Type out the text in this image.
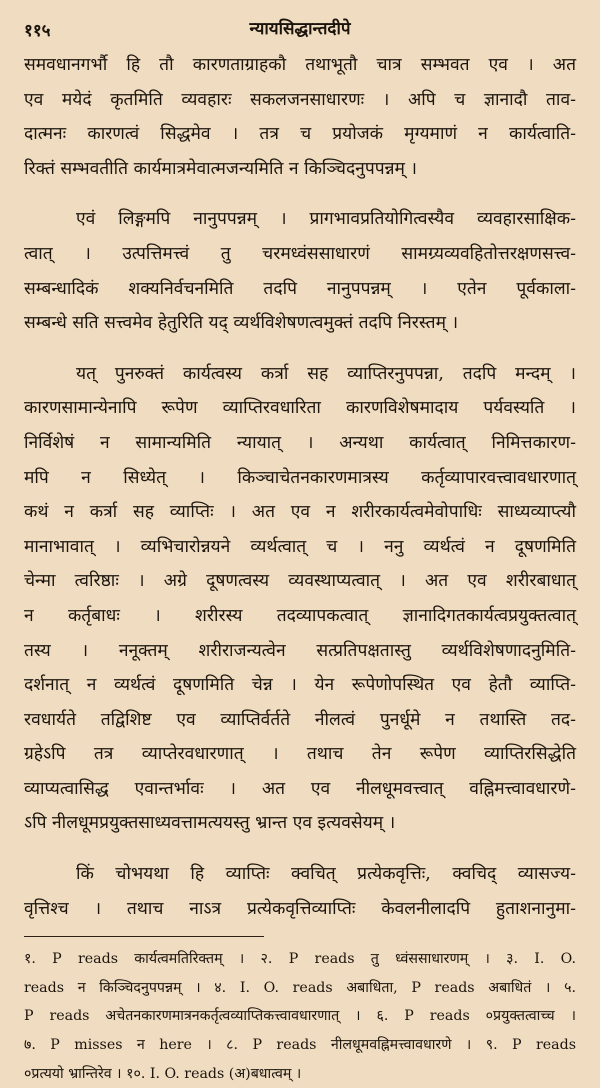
११५	न्यायसिद्धान्तदीपे
समवधानगर्भौ हि तौ कारणताग्राहकौ तथाभूतौ चात्र सम्भवत एव । अत
एव मयेदं कृतमिति व्यवहारः सकलजनसाधारणः । अपि च ज्ञानादौ ताव-
दात्मनः कारणत्वं सिद्धमेव । तत्र च प्रयोजकं मृग्यमाणं न कार्यत्वाति-
रिक्तं सम्भवतीति कार्यमात्रमेवात्मजन्यमिति न किञ्चिदनुपपन्नम् ।
एवं लिङ्गमपि नानुपपन्नम् । प्रागभावप्रतियोगित्वस्यैव व्यवहारसाक्षिक-
त्वात् । उत्पत्तिमत्त्वं तु चरमध्वंससाधारणं सामग्र्यव्यवहितोत्तरक्षणसत्त्व-
सम्बन्धादिकं शक्यनिर्वचनमिति तदपि नानुपपन्नम् । एतेन पूर्वकाला-
सम्बन्धे सति सत्त्वमेव हेतुरिति यद् व्यर्थविशेषणत्वमुक्तं तदपि निरस्तम् ।
यत् पुनरुक्तं कार्यत्वस्य कर्त्रा सह व्याप्तिरनुपपन्ना, तदपि मन्दम् ।
कारणसामान्येनापि रूपेण व्याप्तिरवधारिता कारणविशेषमादाय पर्यवस्यति ।
निर्विशेषं न सामान्यमिति न्यायात् । अन्यथा कार्यत्वात् निमित्तकारण-
मपि न सिध्येत् । किञ्चाचेतनकारणमात्रस्य कर्तृव्यापारवत्त्वावधारणात्
कथं न कर्त्रा सह व्याप्तिः । अत एव न शरीरकार्यत्वमेवोपाधिः साध्यव्याप्त्यौ
मानाभावात् । व्यभिचारोन्नयने व्यर्थत्वात् च । ननु व्यर्थत्वं न दूषणमिति
चेन्मा त्वरिष्ठाः । अग्रे दूषणत्वस्य व्यवस्थाप्यत्वात् । अत एव शरीरबाधात्
न कर्तृबाधः । शरीरस्य तदव्यापकत्वात् ज्ञानादिगतकार्यत्वप्रयुक्तत्वात्
तस्य । ननूक्तम् शरीराजन्यत्वेन सत्प्रतिपक्षतास्तु व्यर्थविशेषणादनुमिति-
दर्शनात् न व्यर्थत्वं दूषणमिति चेन्न । येन रूपेणोपस्थित एव हेतौ व्याप्ति-
रवधार्यते तद्विशिष्ट एव व्याप्तिर्वर्तते नीलत्वं पुनर्धूमे न तथास्ति तद-
ग्रहेऽपि तत्र व्याप्तेरवधारणात् । तथाच तेन रूपेण व्याप्तिरसिद्धेति
व्याप्यत्वासिद्ध एवान्तर्भावः । अत एव नीलधूमवत्त्वात् वह्निमत्त्वावधारणे-
ऽपि नीलधूमप्रयुक्तसाध्यवत्तामत्ययस्तु भ्रान्त एव इत्यवसेयम् ।
किं चोभयथा हि व्याप्तिः क्वचित् प्रत्येकवृत्तिः, क्वचिद् व्यासज्य-
वृत्तिश्च । तथाच नाऽत्र प्रत्येकवृत्तिव्याप्तिः केवलनीलादपि हुताशनानुमा-
१. P reads कार्यत्वमतिरिक्तम् । २. P reads तु ध्वंससाधारणम् । ३. I. O.
reads न किञ्चिदनुपपन्नम् । ४. I. O. reads अबाधिता, P reads अबाधितं । ५.
P reads अचेतनकारणमात्रनकर्तृत्वव्याप्तिकत्त्वावधारणात् । ६. P reads ०प्रयुक्तत्वाच्च ।
७. P misses न here । ८. P reads नीलधूमवह्निमत्त्वावधारणे । ९. P reads
०प्रत्ययो भ्रान्तिरेव । १०. I. O. reads (अ)बधात्वम् ।
